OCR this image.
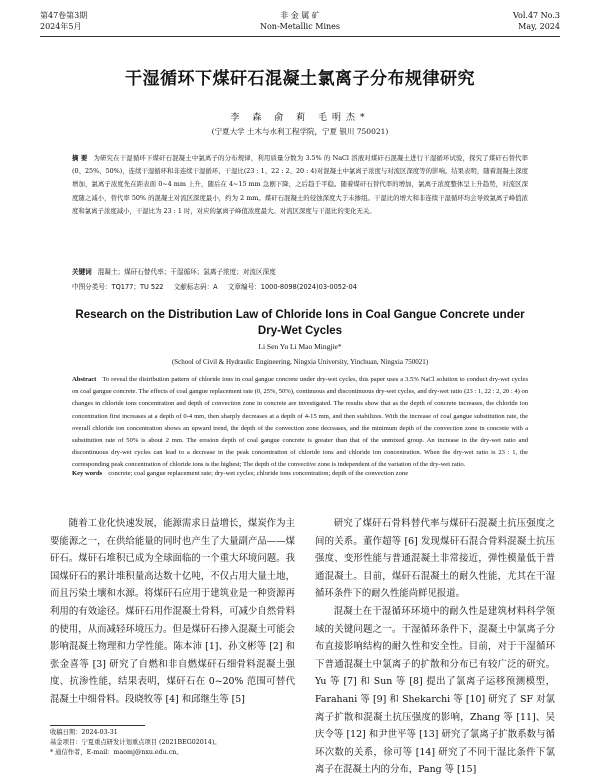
第47卷第3期
2024年5月
非 金 属 矿
Non-Metallic Mines
Vol.47 No.3
May, 2024
干湿循环下煤矸石混凝土氯离子分布规律研究
李 森 俞 莉 毛明杰*
(宁夏大学 土木与水利工程学院，宁夏 银川 750021)
摘 要 为研究在干湿循环下煤矸石混凝土中氯离子的分布规律，利用质量分数为 3.5% 的 NaCl 溶液对煤矸石混凝土进行干湿循环试验，探究了煤矸石替代率(0、25%、50%)，连续干湿循环和非连续干湿循环、干湿比(23 : 1、22 : 2、20 : 4)对混凝土中氯离子浓度与对流区深度等的影响。结果表明，随着混凝土深度增加，氯离子浓度先在距表面 0~4 mm 上升，随后在 4~15 mm 急剧下降，之后趋于平稳。随着煤矸石替代率的增加，氯离子浓度整体呈上升趋势，对流区深度随之减小，替代率 50% 的混凝土对流区深度最小，约为 2 mm。煤矸石混凝土的侵蚀深度大于未掺组。干湿比的增大和非连续干湿循环均会导致氯离子峰值浓度和氯离子浓度减小，干湿比为 23 : 1 时，对应的氯离子峰值浓度最大。对流区深度与干湿比的变化无关。
关键词 混凝土；煤矸石替代率；干湿循环；氯离子浓度；对流区深度
中图分类号：TQ177；TU 522 文献标志码：A 文章编号：1000-8098(2024)03-0052-04
Research on the Distribution Law of Chloride Ions in Coal Gangue Concrete under Dry-Wet Cycles
Li Sen Yu Li Mao Mingjie*
(School of Civil & Hydraulic Engineering, Ningxia University, Yinchuan, Ningxia 750021)
Abstract To reveal the distribution pattern of chloride ions in coal gangue concrete under dry-wet cycles, this paper uses a 3.5% NaCl solution to conduct dry-wet cycles on coal gangue concrete. The effects of coal gangue replacement rate (0, 25%, 50%), continuous and discontinuous dry-wet cycles, and dry-wet ratio (23 : 1, 22 : 2, 20 : 4) on changes in chloride ions concentration and depth of convection zone in concrete are investigated. The results show that as the depth of concrete increases, the chloride ion concentration first increases at a depth of 0-4 mm, then sharply decreases at a depth of 4-15 mm, and then stabilizes. With the increase of coal gangue substitution rate, the overall chloride ion concentration shows an upward trend, the depth of the convection zone decreases, and the minimum depth of the convection zone in concrete with a substitution rate of 50% is about 2 mm. The erosion depth of coal gangue concrete is greater than that of the unmixed group. An increase in the dry-wet ratio and discontinuous dry-wet cycles can lead to a decrease in the peak concentration of chloride ions and chloride ion concentration. When the dry-wet ratio is 23 : 1, the corresponding peak concentration of chloride ions is the highest; The depth of the convective zone is independent of the variation of the dry-wet ratio.
Key words concrete; coal gangue replacement rate; dry-wet cycles; chloride ions concentration; depth of the convection zone
随着工业化快速发展，能源需求日益增长，煤炭作为主要能源之一，在供给能量的同时也产生了大量副产品——煤矸石。煤矸石堆积已成为全球面临的一个重大环境问题。我国煤矸石的累计堆积量高达数十亿吨，不仅占用大量土地，而且污染土壤和水源。将煤矸石应用于建筑业是一种资源再利用的有效途径。煤矸石用作混凝土骨料，可减少自然骨料的使用，从而减轻环境压力。但是煤矸石掺入混凝土可能会影响混凝土物理和力学性能。陈本沛 [1]、孙文彬等 [2] 和张金喜等 [3] 研究了自燃和非自燃煤矸石细骨料混凝土强度、抗渗性能，结果表明，煤矸石在 0~20% 范围可替代混凝土中细骨料。段晓牧等 [4] 和邱继生等 [5]

研究了煤矸石骨料替代率与煤矸石混凝土抗压强度之间的关系。董作超等 [6] 发现煤矸石混合骨料混凝土抗压强度、变形性能与普通混凝土非常接近，弹性模量低于普通混凝土。目前，煤矸石混凝土的耐久性能，尤其在干湿循环条件下的耐久性能尚鲜见报道。

混凝土在干湿循环环境中的耐久性是建筑材料科学领域的关键问题之一。干湿循环条件下，混凝土中氯离子分布直接影响结构的耐久性和安全性。目前，对于干湿循环下普通混凝土中氯离子的扩散和分布已有较广泛的研究。Yu 等 [7] 和 Sun 等 [8] 提出了氯离子运移预测模型，Farahani 等 [9] 和 Shekarchi 等 [10] 研究了 SF 对氯离子扩散和混凝土抗压强度的影响，Zhang 等 [11]、吴庆令等 [12] 和尹世平等 [13] 研究了氯离子扩散系数与循环次数的关系，徐可等 [14] 研究了不同干湿比条件下氯离子在混凝土内的分布，Pang 等 [15]

收稿日期：2024-03-31
基金项目：宁夏重点研发计划重点项目 (2021BEG02014)。
* 通信作者，E-mail：maomj@nxu.edu.cn。
